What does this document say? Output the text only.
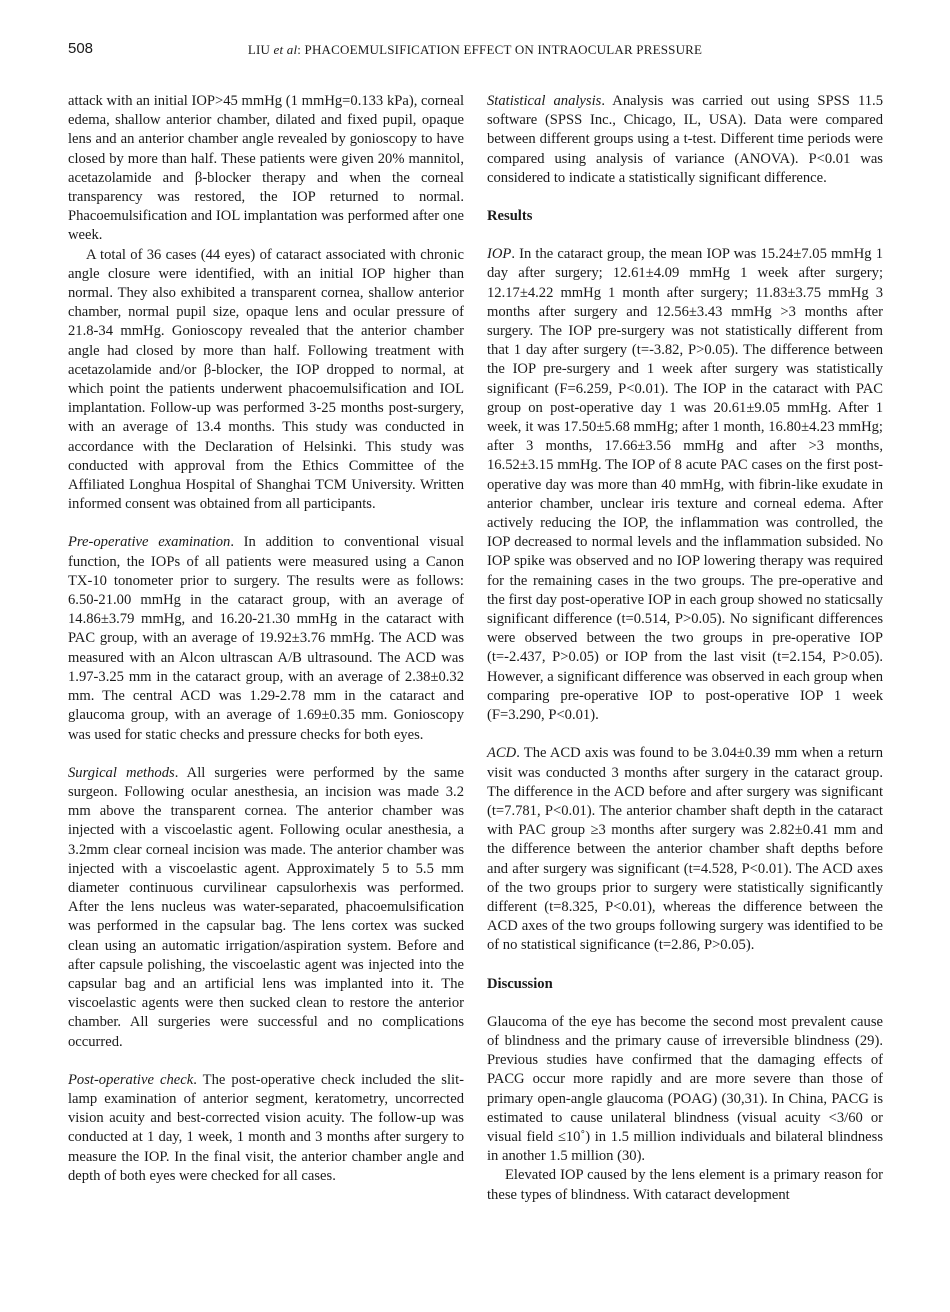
508	LIU et al: PHACOEMULSIFICATION EFFECT ON INTRAOCULAR PRESSURE

attack with an initial IOP>45 mmHg (1 mmHg=0.133 kPa), corneal edema, shallow anterior chamber, dilated and fixed pupil, opaque lens and an anterior chamber angle revealed by gonioscopy to have closed by more than half. These patients were given 20% mannitol, acetazolamide and β-blocker therapy and when the corneal transparency was restored, the IOP returned to normal. Phacoemulsification and IOL implantation was performed after one week.

A total of 36 cases (44 eyes) of cataract associated with chronic angle closure were identified, with an initial IOP higher than normal. They also exhibited a transparent cornea, shallow anterior chamber, normal pupil size, opaque lens and ocular pressure of 21.8-34 mmHg. Gonioscopy revealed that the anterior chamber angle had closed by more than half. Following treatment with acetazolamide and/or β-blocker, the IOP dropped to normal, at which point the patients underwent phacoemulsification and IOL implantation. Follow-up was performed 3-25 months post-surgery, with an average of 13.4 months. This study was conducted in accordance with the Declaration of Helsinki. This study was conducted with approval from the Ethics Committee of the Affiliated Longhua Hospital of Shanghai TCM University. Written informed consent was obtained from all participants.

Pre-operative examination. In addition to conventional visual function, the IOPs of all patients were measured using a Canon TX-10 tonometer prior to surgery. The results were as follows: 6.50-21.00 mmHg in the cataract group, with an average of 14.86±3.79 mmHg, and 16.20-21.30 mmHg in the cataract with PAC group, with an average of 19.92±3.76 mmHg. The ACD was measured with an Alcon ultrascan A/B ultrasound. The ACD was 1.97-3.25 mm in the cataract group, with an average of 2.38±0.32 mm. The central ACD was 1.29-2.78 mm in the cataract and glaucoma group, with an average of 1.69±0.35 mm. Gonioscopy was used for static checks and pressure checks for both eyes.

Surgical methods. All surgeries were performed by the same surgeon. Following ocular anesthesia, an incision was made 3.2 mm above the transparent cornea. The anterior chamber was injected with a viscoelastic agent. Following ocular anesthesia, a 3.2mm clear corneal incision was made. The anterior chamber was injected with a viscoelastic agent. Approximately 5 to 5.5 mm diameter continuous curvilinear capsulorhexis was performed. After the lens nucleus was water-separated, phacoemulsification was performed in the capsular bag. The lens cortex was sucked clean using an automatic irrigation/aspiration system. Before and after capsule polishing, the viscoelastic agent was injected into the capsular bag and an artificial lens was implanted into it. The viscoelastic agents were then sucked clean to restore the anterior chamber. All surgeries were successful and no complications occurred.

Post-operative check. The post-operative check included the slit-lamp examination of anterior segment, keratometry, uncorrected vision acuity and best-corrected vision acuity. The follow-up was conducted at 1 day, 1 week, 1 month and 3 months after surgery to measure the IOP. In the final visit, the anterior chamber angle and depth of both eyes were checked for all cases.

Statistical analysis. Analysis was carried out using SPSS 11.5 software (SPSS Inc., Chicago, IL, USA). Data were compared between different groups using a t-test. Different time periods were compared using analysis of variance (ANOVA). P<0.01 was considered to indicate a statistically significant difference.

Results

IOP. In the cataract group, the mean IOP was 15.24±7.05 mmHg 1 day after surgery; 12.61±4.09 mmHg 1 week after surgery; 12.17±4.22 mmHg 1 month after surgery; 11.83±3.75 mmHg 3 months after surgery and 12.56±3.43 mmHg >3 months after surgery. The IOP pre-surgery was not statistically different from that 1 day after surgery (t=-3.82, P>0.05). The difference between the IOP pre-surgery and 1 week after surgery was statistically significant (F=6.259, P<0.01). The IOP in the cataract with PAC group on post-operative day 1 was 20.61±9.05 mmHg. After 1 week, it was 17.50±5.68 mmHg; after 1 month, 16.80±4.23 mmHg; after 3 months, 17.66±3.56 mmHg and after >3 months, 16.52±3.15 mmHg. The IOP of 8 acute PAC cases on the first post-operative day was more than 40 mmHg, with fibrin-like exudate in anterior chamber, unclear iris texture and corneal edema. After actively reducing the IOP, the inflammation was controlled, the IOP decreased to normal levels and the inflammation subsided. No IOP spike was observed and no IOP lowering therapy was required for the remaining cases in the two groups. The pre-operative and the first day post-operative IOP in each group showed no staticsally significant difference (t=0.514, P>0.05). No significant differences were observed between the two groups in pre-operative IOP (t=-2.437, P>0.05) or IOP from the last visit (t=2.154, P>0.05). However, a significant difference was observed in each group when comparing pre-operative IOP to post-operative IOP 1 week (F=3.290, P<0.01).

ACD. The ACD axis was found to be 3.04±0.39 mm when a return visit was conducted 3 months after surgery in the cataract group. The difference in the ACD before and after surgery was significant (t=7.781, P<0.01). The anterior chamber shaft depth in the cataract with PAC group ≥3 months after surgery was 2.82±0.41 mm and the difference between the anterior chamber shaft depths before and after surgery was significant (t=4.528, P<0.01). The ACD axes of the two groups prior to surgery were statistically significantly different (t=8.325, P<0.01), whereas the difference between the ACD axes of the two groups following surgery was identified to be of no statistical significance (t=2.86, P>0.05).

Discussion

Glaucoma of the eye has become the second most prevalent cause of blindness and the primary cause of irreversible blindness (29). Previous studies have confirmed that the damaging effects of PACG occur more rapidly and are more severe than those of primary open-angle glaucoma (POAG) (30,31). In China, PACG is estimated to cause unilateral blindness (visual acuity <3/60 or visual field ≤10˚) in 1.5 million individuals and bilateral blindness in another 1.5 million (30).

Elevated IOP caused by the lens element is a primary reason for these types of blindness. With cataract development
